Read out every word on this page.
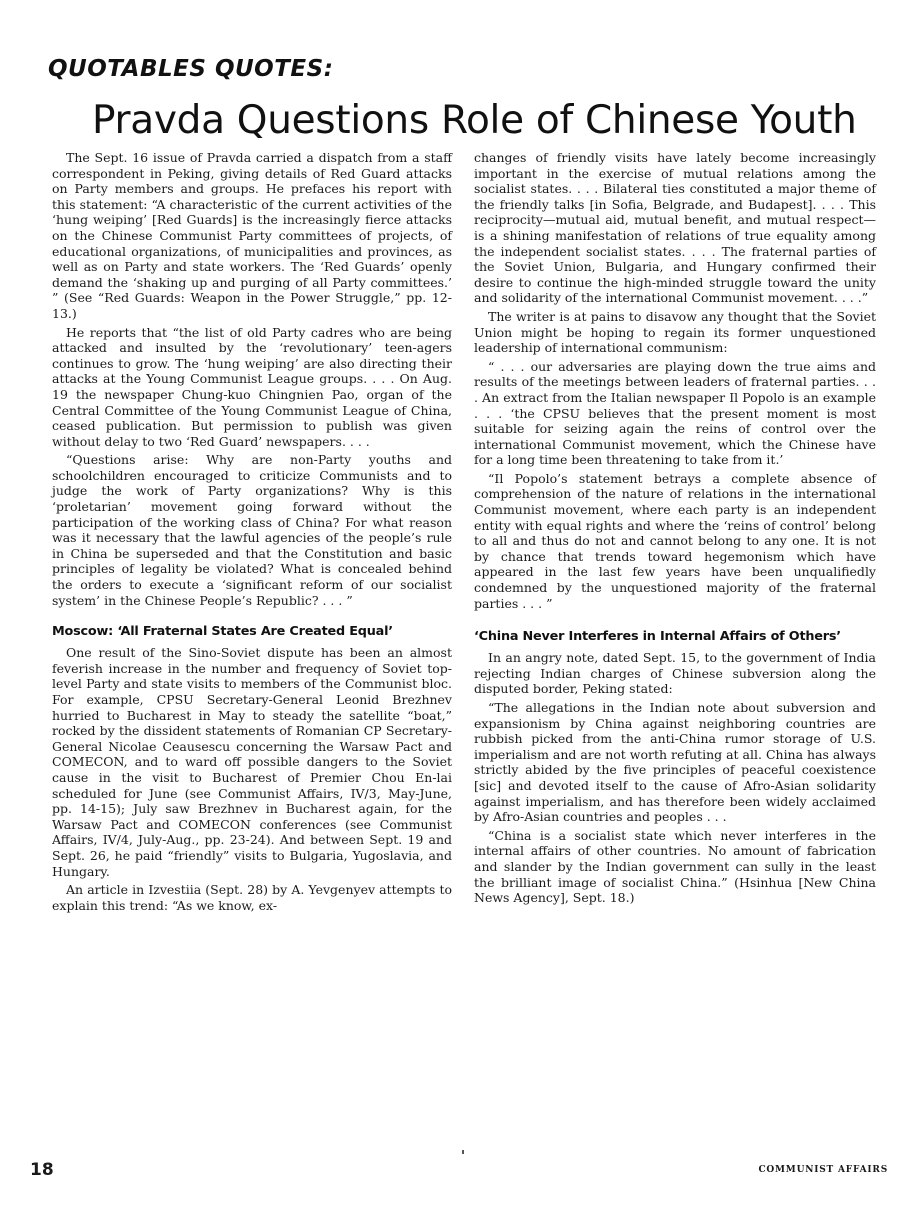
QUOTABLES QUOTES:
Pravda Questions Role of Chinese Youth

The Sept. 16 issue of Pravda carried a dispatch from a staff correspondent in Peking, giving details of Red Guard attacks on Party members and groups. He prefaces his report with this statement: “A characteristic of the current activities of the ‘hung weiping’ [Red Guards] is the increasingly fierce attacks on the Chinese Communist Party committees of projects, of educational organizations, of municipalities and provinces, as well as on Party and state workers. The ‘Red Guards’ openly demand the ‘shaking up and purging of all Party committees.’ ” (See “Red Guards: Weapon in the Power Struggle,” pp. 12-13.)

He reports that “the list of old Party cadres who are being attacked and insulted by the ‘revolutionary’ teen-agers continues to grow. The ‘hung weiping’ are also directing their attacks at the Young Communist League groups. . . . On Aug. 19 the newspaper Chung-kuo Chingnien Pao, organ of the Central Committee of the Young Communist League of China, ceased publication. But permission to publish was given without delay to two ‘Red Guard’ newspapers. . . .

“Questions arise: Why are non-Party youths and schoolchildren encouraged to criticize Communists and to judge the work of Party organizations? Why is this ‘proletarian’ movement going forward without the participation of the working class of China? For what reason was it necessary that the lawful agencies of the people’s rule in China be superseded and that the Constitution and basic principles of legality be violated? What is concealed behind the orders to execute a ‘significant reform of our socialist system’ in the Chinese People’s Republic? . . . ”

Moscow: ‘All Fraternal States Are Created Equal’

One result of the Sino-Soviet dispute has been an almost feverish increase in the number and frequency of Soviet top-level Party and state visits to members of the Communist bloc. For example, CPSU Secretary-General Leonid Brezhnev hurried to Bucharest in May to steady the satellite “boat,” rocked by the dissident statements of Romanian CP Secretary-General Nicolae Ceausescu concerning the Warsaw Pact and COMECON, and to ward off possible dangers to the Soviet cause in the visit to Bucharest of Premier Chou En-lai scheduled for June (see Communist Affairs, IV/3, May-June, pp. 14-15); July saw Brezhnev in Bucharest again, for the Warsaw Pact and COMECON conferences (see Communist Affairs, IV/4, July-Aug., pp. 23-24). And between Sept. 19 and Sept. 26, he paid “friendly” visits to Bulgaria, Yugoslavia, and Hungary.

An article in Izvestiia (Sept. 28) by A. Yevgenyev attempts to explain this trend: “As we know, ex-

changes of friendly visits have lately become increasingly important in the exercise of mutual relations among the socialist states. . . . Bilateral ties constituted a major theme of the friendly talks [in Sofia, Belgrade, and Budapest]. . . . This reciprocity—mutual aid, mutual benefit, and mutual respect—is a shining manifestation of relations of true equality among the independent socialist states. . . . The fraternal parties of the Soviet Union, Bulgaria, and Hungary confirmed their desire to continue the high-minded struggle toward the unity and solidarity of the international Communist movement. . . .”

The writer is at pains to disavow any thought that the Soviet Union might be hoping to regain its former unquestioned leadership of international communism:

“ . . . our adversaries are playing down the true aims and results of the meetings between leaders of fraternal parties. . . . An extract from the Italian newspaper Il Popolo is an example . . . ‘the CPSU believes that the present moment is most suitable for seizing again the reins of control over the international Communist movement, which the Chinese have for a long time been threatening to take from it.’

“Il Popolo’s statement betrays a complete absence of comprehension of the nature of relations in the international Communist movement, where each party is an independent entity with equal rights and where the ‘reins of control’ belong to all and thus do not and cannot belong to any one. It is not by chance that trends toward hegemonism which have appeared in the last few years have been unqualifiedly condemned by the unquestioned majority of the fraternal parties . . . ”

‘China Never Interferes in Internal Affairs of Others’

In an angry note, dated Sept. 15, to the government of India rejecting Indian charges of Chinese subversion along the disputed border, Peking stated:

“The allegations in the Indian note about subversion and expansionism by China against neighboring countries are rubbish picked from the anti-China rumor storage of U.S. imperialism and are not worth refuting at all. China has always strictly abided by the five principles of peaceful coexistence [sic] and devoted itself to the cause of Afro-Asian solidarity against imperialism, and has therefore been widely acclaimed by Afro-Asian countries and peoples . . .

“China is a socialist state which never interferes in the internal affairs of other countries. No amount of fabrication and slander by the Indian government can sully in the least the brilliant image of socialist China.” (Hsinhua [New China News Agency], Sept. 18.)

18	COMMUNIST AFFAIRS
